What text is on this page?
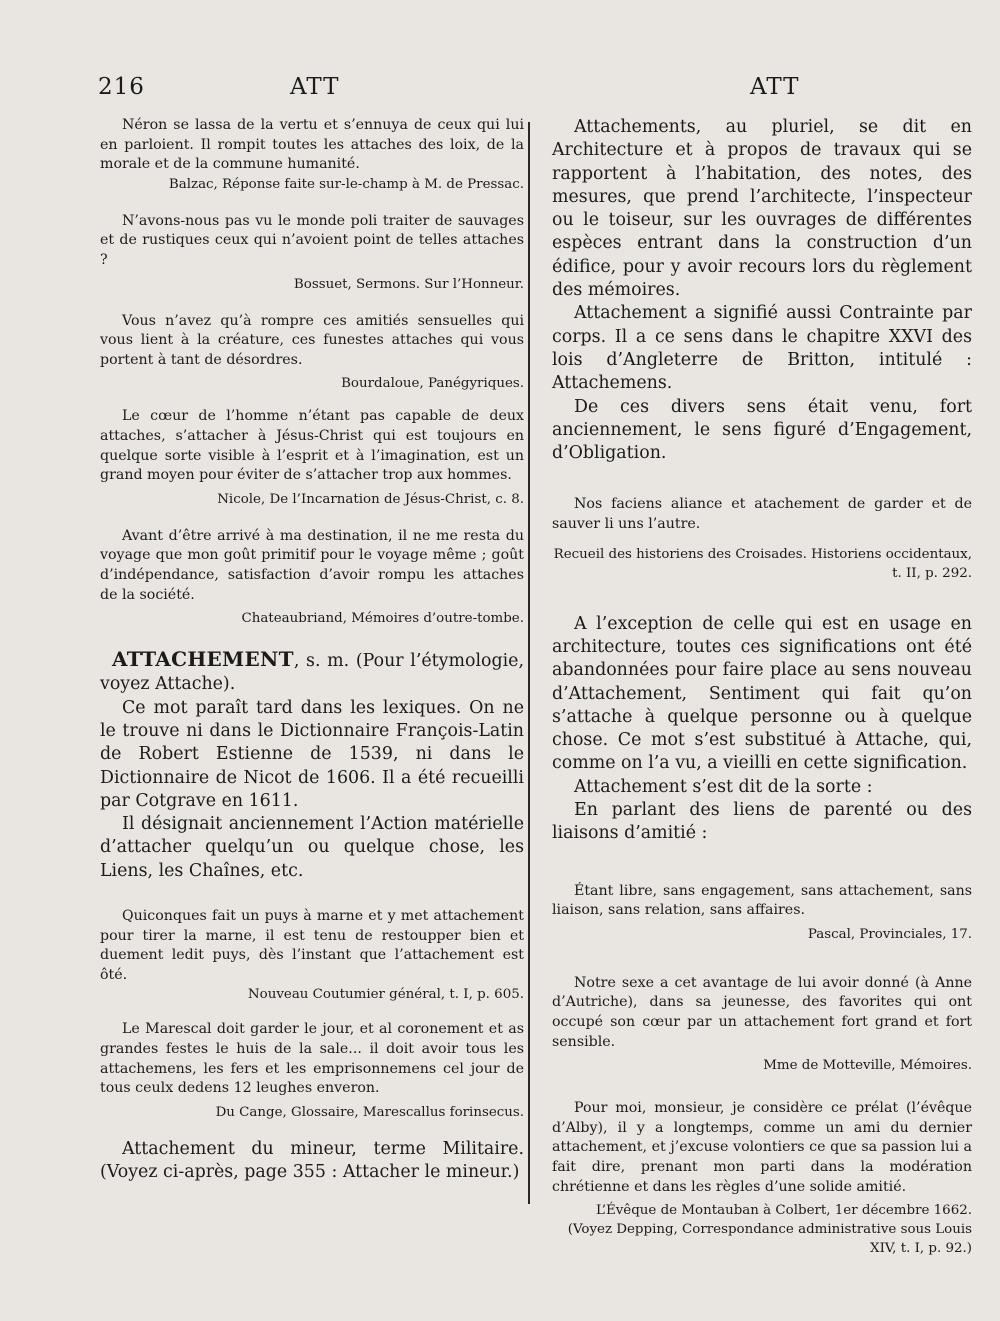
216	ATT	ATT

Néron se lassa de la vertu et s’ennuya de ceux qui lui en parloient. Il rompit toutes les attaches des loix, de la morale et de la commune humanité.

Balzac, Réponse faite sur-le-champ à M. de Pressac.

N’avons-nous pas vu le monde poli traiter de sauvages et de rustiques ceux qui n’avoient point de telles attaches ?

Bossuet, Sermons. Sur l’Honneur.

Vous n’avez qu’à rompre ces amitiés sensuelles qui vous lient à la créature, ces funestes attaches qui vous portent à tant de désordres.

Bourdaloue, Panégyriques.

Le cœur de l’homme n’étant pas capable de deux attaches, s’attacher à Jésus-Christ qui est toujours en quelque sorte visible à l’esprit et à l’imagination, est un grand moyen pour éviter de s’attacher trop aux hommes.

Nicole, De l’Incarnation de Jésus-Christ, c. 8.

Avant d’être arrivé à ma destination, il ne me resta du voyage que mon goût primitif pour le voyage même ; goût d’indépendance, satisfaction d’avoir rompu les attaches de la société.

Chateaubriand, Mémoires d’outre-tombe.

ATTACHEMENT, s. m. (Pour l’étymologie, voyez Attache).

Ce mot paraît tard dans les lexiques. On ne le trouve ni dans le Dictionnaire François-Latin de Robert Estienne de 1539, ni dans le Dictionnaire de Nicot de 1606. Il a été recueilli par Cotgrave en 1611.

Il désignait anciennement l’Action matérielle d’attacher quelqu’un ou quelque chose, les Liens, les Chaînes, etc.

Quiconques fait un puys à marne et y met attachement pour tirer la marne, il est tenu de restoupper bien et duement ledit puys, dès l’instant que l’attachement est ôté.

Nouveau Coutumier général, t. I, p. 605.

Le Marescal doit garder le jour, et al coronement et as grandes festes le huis de la sale... il doit avoir tous les attachemens, les fers et les emprisonnemens cel jour de tous ceulx dedens 12 leughes enveron.

Du Cange, Glossaire, Marescallus forinsecus.

Attachement du mineur, terme Militaire. (Voyez ci-après, page 355 : Attacher le mineur.)

Attachements, au pluriel, se dit en Architecture et à propos de travaux qui se rapportent à l’habitation, des notes, des mesures, que prend l’architecte, l’inspecteur ou le toiseur, sur les ouvrages de différentes espèces entrant dans la construction d’un édifice, pour y avoir recours lors du règlement des mémoires.

Attachement a signifié aussi Contrainte par corps. Il a ce sens dans le chapitre XXVI des lois d’Angleterre de Britton, intitulé : Attachemens.

De ces divers sens était venu, fort anciennement, le sens figuré d’Engagement, d’Obligation.

Nos faciens aliance et atachement de garder et de sauver li uns l’autre.

Recueil des historiens des Croisades. Historiens occidentaux, t. II, p. 292.

A l’exception de celle qui est en usage en architecture, toutes ces significations ont été abandonnées pour faire place au sens nouveau d’Attachement, Sentiment qui fait qu’on s’attache à quelque personne ou à quelque chose. Ce mot s’est substitué à Attache, qui, comme on l’a vu, a vieilli en cette signification.

Attachement s’est dit de la sorte :

En parlant des liens de parenté ou des liaisons d’amitié :

Étant libre, sans engagement, sans attachement, sans liaison, sans relation, sans affaires.

Pascal, Provinciales, 17.

Notre sexe a cet avantage de lui avoir donné (à Anne d’Autriche), dans sa jeunesse, des favorites qui ont occupé son cœur par un attachement fort grand et fort sensible.

Mme de Motteville, Mémoires.

Pour moi, monsieur, je considère ce prélat (l’évêque d’Alby), il y a longtemps, comme un ami du dernier attachement, et j’excuse volontiers ce que sa passion lui a fait dire, prenant mon parti dans la modération chrétienne et dans les règles d’une solide amitié.

L’Évêque de Montauban à Colbert, 1er décembre 1662. (Voyez Depping, Correspondance administrative sous Louis XIV, t. I, p. 92.)
